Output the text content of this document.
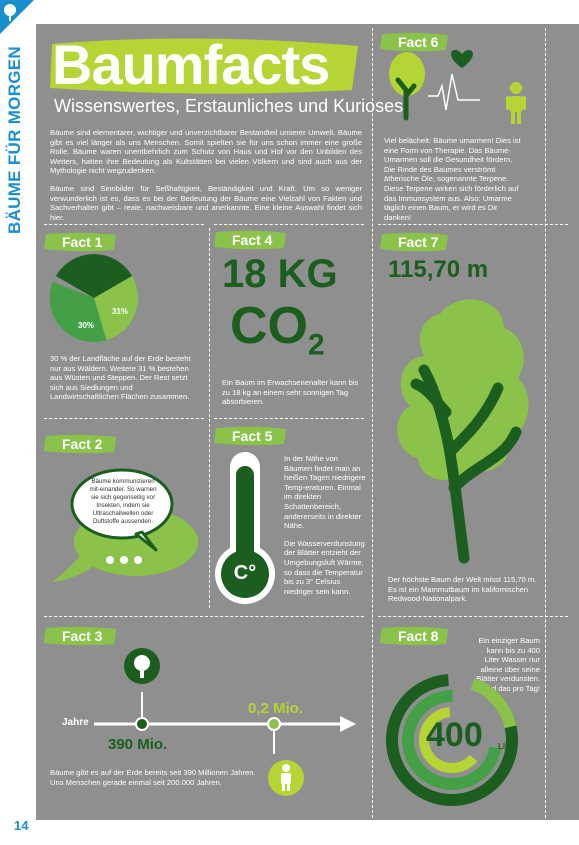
BÄUME FÜR MORGEN
14
Baumfacts
Wissenswertes, Erstaunliches und Kurioses

Bäume sind elementarer, wichtiger und unverzichtbarer Bestandteil unserer Umwelt. Bäume gibt es viel länger als uns Menschen. Somit spielten sie für uns schon immer eine große Rolle. Bäume waren unentbehrlich zum Schutz von Haus und Hof vor den Unbilden des Wetters, hatten ihre Bedeutung als Kultstätten bei vielen Völkern und sind auch aus der Mythologie nicht wegzudenken.

Bäume sind Sinnbilder für Seßhaftigkeit, Beständigkeit und Kraft. Um so weniger verwunderlich ist es, dass es bei der Bedeutung der Bäume eine Vielzahl von Fakten und Sachverhalten gibt – reale, nachweisbare und anerkannte. Eine kleine Auswahl findet sich hier.

Fact 1
31%
30%
30 % der Landfläche auf der Erde besteht nur aus Wäldern. Weitere 31 % bestehen aus Wüsten und Steppen. Der Rest setzt sich aus Siedlungen und Landwirtschaftlichen Flächen zusammen.
Fact 4
18 KG
$CO_2$
Ein Baum im Erwachsenenalter kann bis zu 18 kg an einem sehr sonnigen Tag absorbieren.
Fact 6
Viel belächelt: Bäume umarmen! Dies ist eine Form von Therapie. Das Bäume-Umarmen soll die Gesundheit fördern. Die Rinde des Baumes verströmt ätherische Öle, sogenannte Terpene. Diese Terpene wirken sich förderlich auf das Immunsystem aus. Also: Umarme täglich einen Baum, er wird es Dir danken!
Fact 7
115,70 m
Der höchste Baum der Welt misst 115,70 m. Es ist ein Mammutbaum im kalifornischen Redwood-Nationalpark.
Fact 2
Bäume kommunizieren mit-einander. So warnen sie sich gegenseitig vor Insekten, indem sie Ultraschallwellen oder Duftstoffe aussenden.
Fact 5
C°

In der Nähe von Bäumen findet man an heißen Tagen niedrigere Temp-eraturen. Einmal im direkten Schattenbereich, andererseits in direkter Nähe.

Die Wasserverdunstung der Blätter entzieht der Umgebungsluft Wärme, so dass die Temperatur bis zu 3° Celsius niedriger sein kann.

Fact 3
Jahre
390 Mio.
0,2 Mio.
Bäume gibt es auf der Erde bereits seit 390 Millionen Jahren. Uns Menschen gerade einmal seit 200.000 Jahren.
Fact 8	Ein einziger Baum kann bis zu 400 Liter Wasser nur alleine über seine Blätter verdunsten. Und das pro Tag!
400 Liter
